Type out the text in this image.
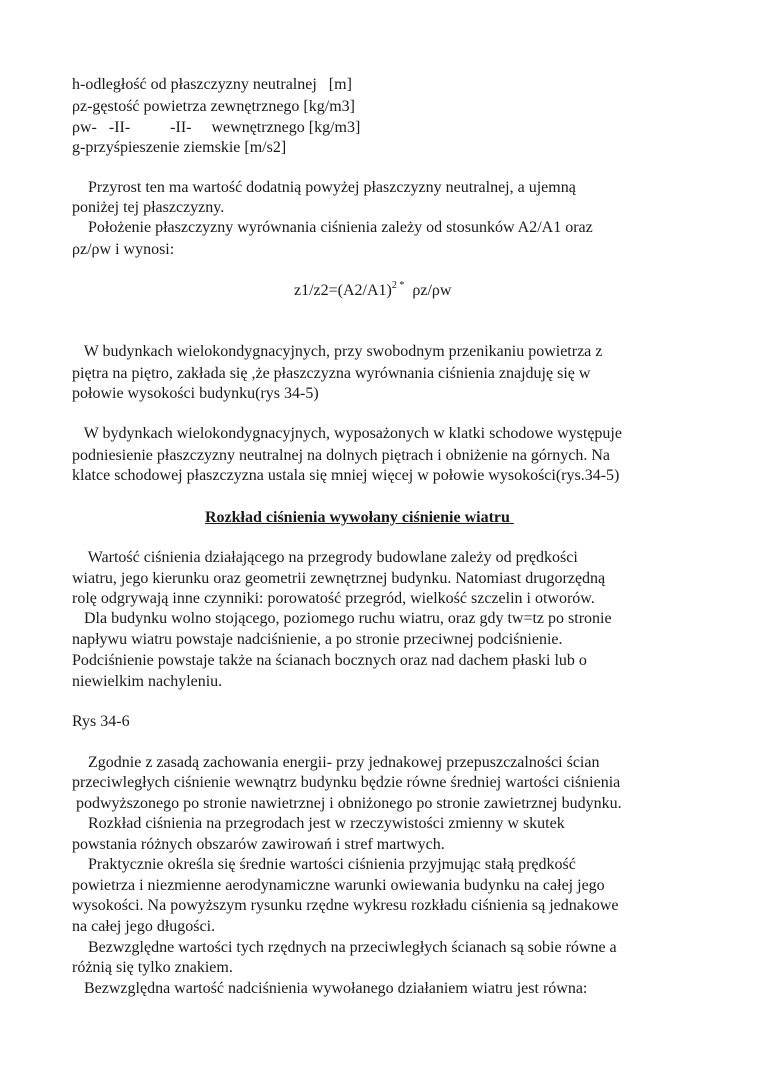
h-odległość od płaszczyzny neutralnej   [m]
ρz-gęstość powietrza zewnętrznego [kg/m3]
ρw-   -II-          -II-     wewnętrznego [kg/m3]
g-przyśpieszenie ziemskie [m/s2]
Przyrost ten ma wartość dodatnią powyżej płaszczyzny neutralnej, a ujemną
poniżej tej płaszczyzny.
Położenie płaszczyzny wyrównania ciśnienia zależy od stosunków A2/A1 oraz
ρz/ρw i wynosi:
$z1/z2=(A2/A1)^{2 *}$  ρz/ρw
W budynkach wielokondygnacyjnych, przy swobodnym przenikaniu powietrza z
piętra na piętro, zakłada się ,że płaszczyzna wyrównania ciśnienia znajduję się w
połowie wysokości budynku(rys 34-5)
W bydynkach wielokondygnacyjnych, wyposażonych w klatki schodowe występuje
podniesienie płaszczyzny neutralnej na dolnych piętrach i obniżenie na górnych. Na
klatce schodowej płaszczyzna ustala się mniej więcej w połowie wysokości(rys.34-5)
Rozkład ciśnienia wywołany ciśnienie wiatru
Wartość ciśnienia działającego na przegrody budowlane zależy od prędkości
wiatru, jego kierunku oraz geometrii zewnętrznej budynku. Natomiast drugorzędną
rolę odgrywają inne czynniki: porowatość przegród, wielkość szczelin i otworów.
Dla budynku wolno stojącego, poziomego ruchu wiatru, oraz gdy tw=tz po stronie
napływu wiatru powstaje nadciśnienie, a po stronie przeciwnej podciśnienie.
Podciśnienie powstaje także na ścianach bocznych oraz nad dachem płaski lub o
niewielkim nachyleniu.
Rys 34-6
Zgodnie z zasadą zachowania energii- przy jednakowej przepuszczalności ścian
przeciwległych ciśnienie wewnątrz budynku będzie równe średniej wartości ciśnienia
podwyższonego po stronie nawietrznej i obniżonego po stronie zawietrznej budynku.
Rozkład ciśnienia na przegrodach jest w rzeczywistości zmienny w skutek
powstania różnych obszarów zawirowań i stref martwych.
Praktycznie określa się średnie wartości ciśnienia przyjmując stałą prędkość
powietrza i niezmienne aerodynamiczne warunki owiewania budynku na całej jego
wysokości. Na powyższym rysunku rzędne wykresu rozkładu ciśnienia są jednakowe
na całej jego długości.
Bezwzględne wartości tych rzędnych na przeciwległych ścianach są sobie równe a
różnią się tylko znakiem.
Bezwzględna wartość nadciśnienia wywołanego działaniem wiatru jest równa:
